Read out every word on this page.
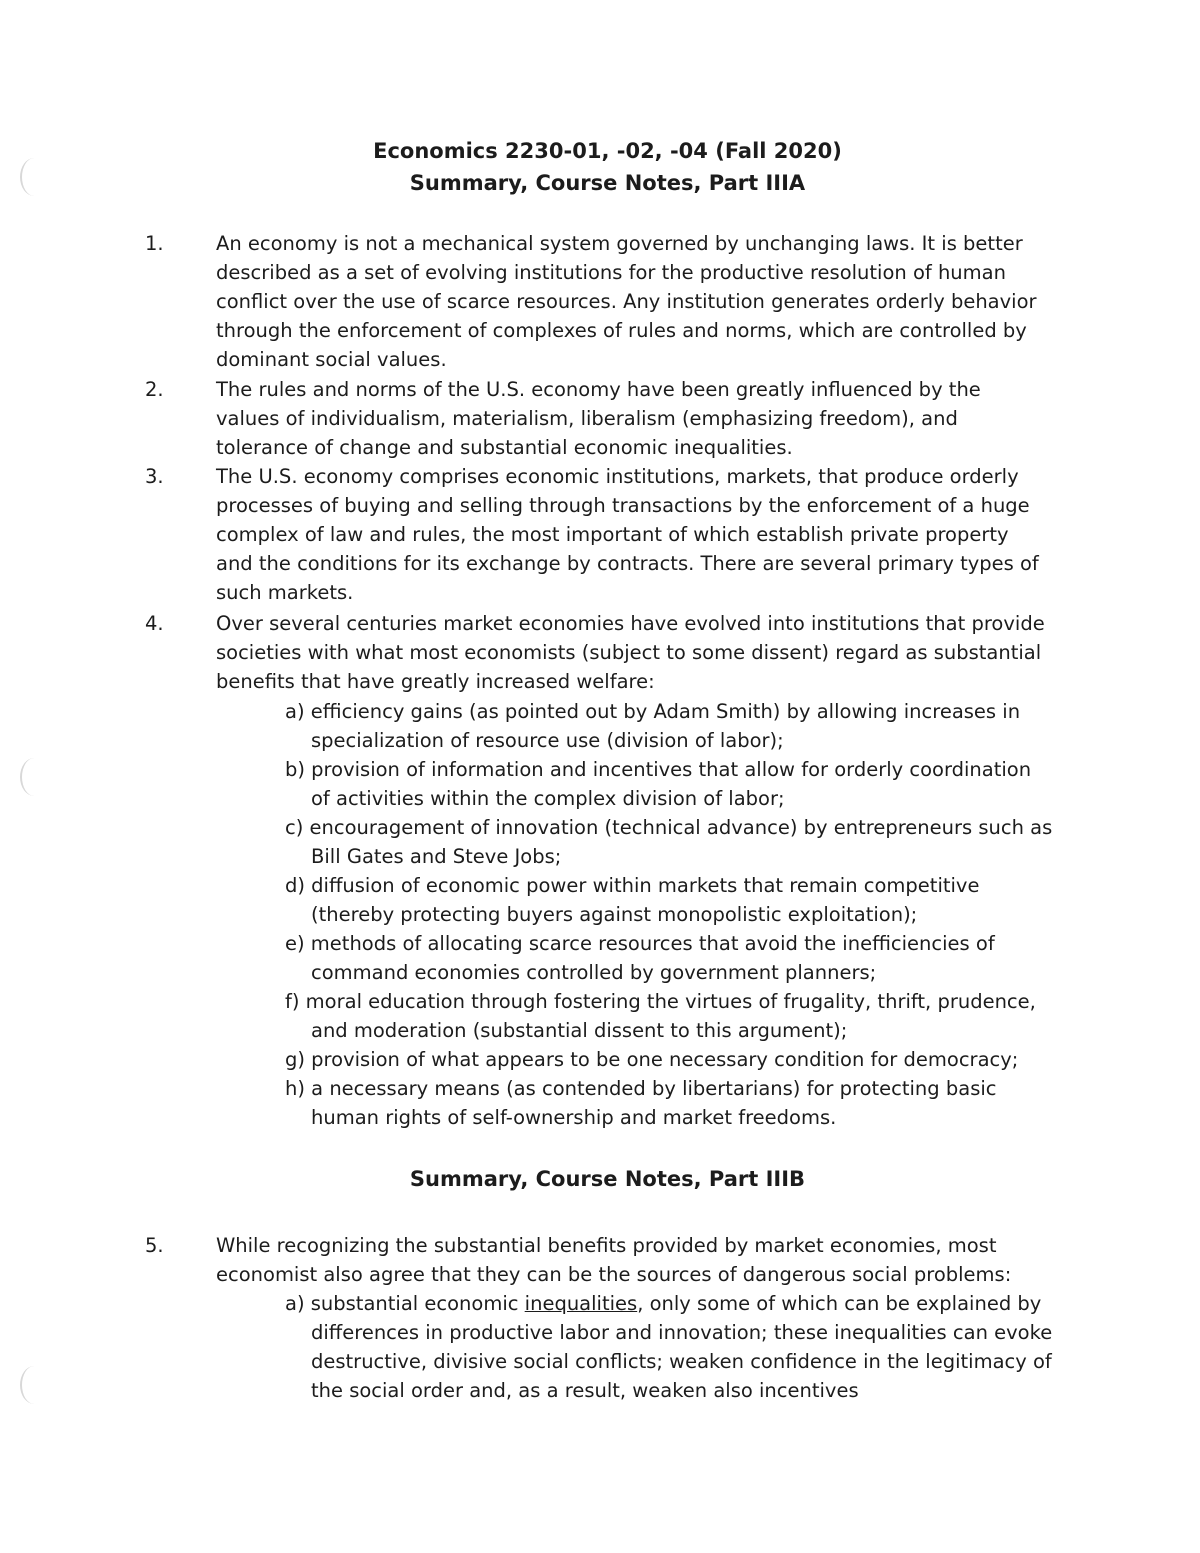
Economics 2230-01, -02, -04 (Fall 2020)
Summary, Course Notes, Part IIIA
1.	An economy is not a mechanical system governed by unchanging laws. It is better described as a set of evolving institutions for the productive resolution of human conflict over the use of scarce resources. Any institution generates orderly behavior through the enforcement of complexes of rules and norms, which are controlled by dominant social values.
2.	The rules and norms of the U.S. economy have been greatly influenced by the values of individualism, materialism, liberalism (emphasizing freedom), and tolerance of change and substantial economic inequalities.
3.	The U.S. economy comprises economic institutions, markets, that produce orderly processes of buying and selling through transactions by the enforcement of a huge complex of law and rules, the most important of which establish private property and the conditions for its exchange by contracts. There are several primary types of such markets.
4.	Over several centuries market economies have evolved into institutions that provide societies with what most economists (subject to some dissent) regard as substantial benefits that have greatly increased welfare:
a) efficiency gains (as pointed out by Adam Smith) by allowing increases in specialization of resource use (division of labor);
b) provision of information and incentives that allow for orderly coordination of activities within the complex division of labor;
c) encouragement of innovation (technical advance) by entrepreneurs such as Bill Gates and Steve Jobs;
d) diffusion of economic power within markets that remain competitive (thereby protecting buyers against monopolistic exploitation);
e) methods of allocating scarce resources that avoid the inefficiencies of command economies controlled by government planners;
f) moral education through fostering the virtues of frugality, thrift, prudence, and moderation (substantial dissent to this argument);
g) provision of what appears to be one necessary condition for democracy;
h) a necessary means (as contended by libertarians) for protecting basic human rights of self-ownership and market freedoms.
Summary, Course Notes, Part IIIB
5.	While recognizing the substantial benefits provided by market economies, most economist also agree that they can be the sources of dangerous social problems:
a) substantial economic inequalities, only some of which can be explained by differences in productive labor and innovation; these inequalities can evoke destructive, divisive social conflicts; weaken confidence in the legitimacy of the social order and, as a result, weaken also incentives
